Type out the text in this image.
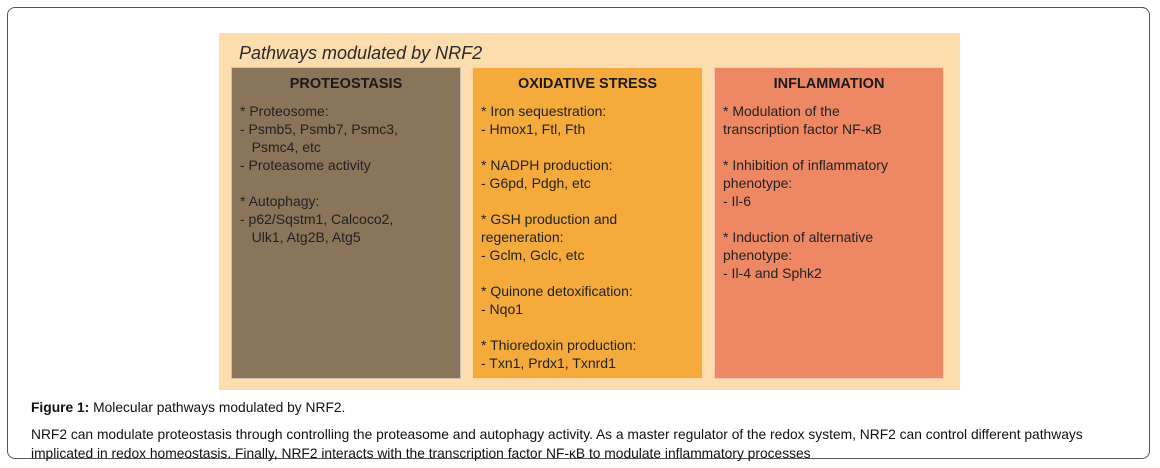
Pathways modulated by NRF2
PROTEOSTASIS
* Proteosome:
- Psmb5, Psmb7, Psmc3,
Psmc4, etc
- Proteasome activity
* Autophagy:
- p62/Sqstm1, Calcoco2,
Ulk1, Atg2B, Atg5
OXIDATIVE STRESS
* Iron sequestration:
- Hmox1, Ftl, Fth
* NADPH production:
- G6pd, Pdgh, etc
* GSH production and
regeneration:
- Gclm, Gclc, etc
* Quinone detoxification:
- Nqo1
* Thioredoxin production:
- Txn1, Prdx1, Txnrd1
INFLAMMATION
* Modulation of the
transcription factor NF-κB
* Inhibition of inflammatory
phenotype:
- Il-6
* Induction of alternative
phenotype:
- Il-4 and Sphk2

Figure 1: Molecular pathways modulated by NRF2.

NRF2 can modulate proteostasis through controlling the proteasome and autophagy activity. As a master regulator of the redox system, NRF2 can control different pathways implicated in redox homeostasis. Finally, NRF2 interacts with the transcription factor NF-κB to modulate inflammatory processes
